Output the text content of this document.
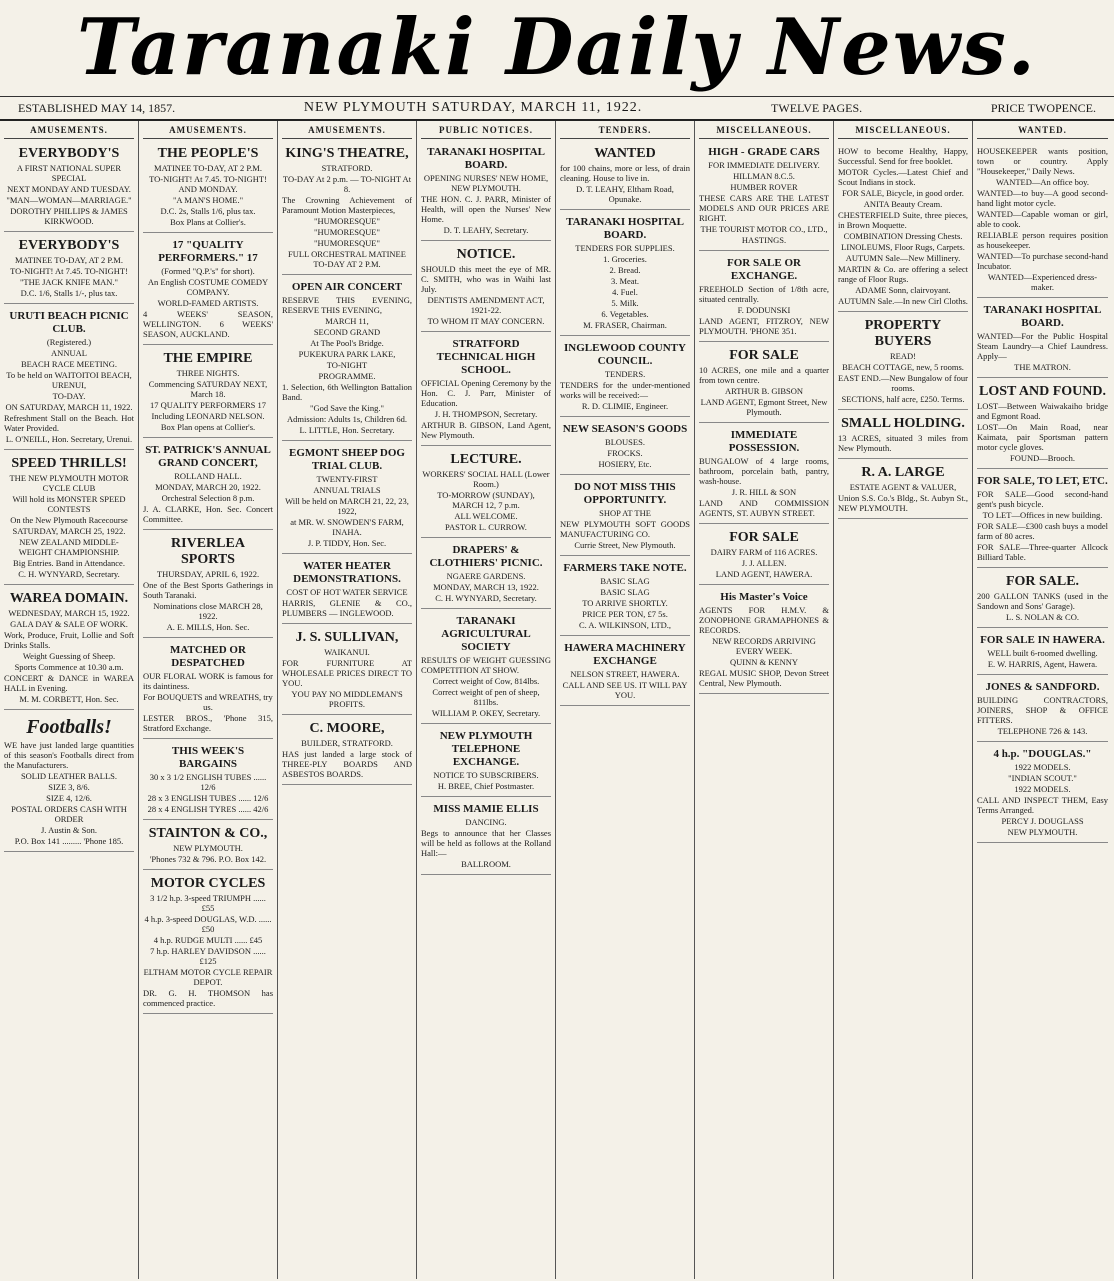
Taranaki Daily News.
ESTABLISHED MAY 14, 1857.	NEW PLYMOUTH SATURDAY, MARCH 11, 1922.	TWELVE PAGES.	PRICE TWOPENCE.
AMUSEMENTS.
EVERYBODY'S
A FIRST NATIONAL SUPER SPECIAL
NEXT MONDAY AND TUESDAY.
"MAN—WOMAN—MARRIAGE."
DOROTHY PHILLIPS & JAMES KIRKWOOD.
EVERYBODY'S
MATINEE TO-DAY, AT 2 P.M.
TO-NIGHT! At 7.45. TO-NIGHT!
"THE JACK KNIFE MAN."
D.C. 1/6, Stalls 1/-, plus tax.
URUTI BEACH PICNIC CLUB.
(Registered.)
ANNUAL
BEACH RACE MEETING.
To be held on WAITOITOI BEACH, URENUI,
TO-DAY.
ON SATURDAY, MARCH 11, 1922.
Refreshment Stall on the Beach. Hot Water Provided.
L. O'NEILL, Hon. Secretary, Urenui.
SPEED THRILLS!
THE NEW PLYMOUTH MOTOR CYCLE CLUB
Will hold its MONSTER SPEED CONTESTS
On the New Plymouth Racecourse
SATURDAY, MARCH 25, 1922.
NEW ZEALAND MIDDLE-WEIGHT CHAMPIONSHIP.
Big Entries. Band in Attendance.
C. H. WYNYARD, Secretary.
WAREA DOMAIN.
WEDNESDAY, MARCH 15, 1922.
GALA DAY & SALE OF WORK.
Work, Produce, Fruit, Lollie and Soft Drinks Stalls.
Weight Guessing of Sheep.
Sports Commence at 10.30 a.m.
CONCERT & DANCE in WAREA HALL in Evening.
M. M. CORBETT, Hon. Sec.
Footballs!
WE have just landed large quantities of this season's Footballs direct from the Manufacturers.
SOLID LEATHER BALLS.
SIZE 3, 8/6.
SIZE 4, 12/6.
POSTAL ORDERS CASH WITH ORDER
J. Austin & Son.
P.O. Box 141 ......... 'Phone 185.
AMUSEMENTS.
THE PEOPLE'S
MATINEE TO-DAY, AT 2 P.M.
TO-NIGHT! At 7.45. TO-NIGHT! AND MONDAY.
"A MAN'S HOME."
D.C. 2s, Stalls 1/6, plus tax.
Box Plans at Collier's.
17 "QUALITY PERFORMERS." 17
(Formed "Q.P.'s" for short).
An English COSTUME COMEDY COMPANY.
WORLD-FAMED ARTISTS.
4 WEEKS' SEASON, WELLINGTON. 6 WEEKS' SEASON, AUCKLAND.
THE EMPIRE
THREE NIGHTS.
Commencing SATURDAY NEXT, March 18.
17 QUALITY PERFORMERS 17
Including LEONARD NELSON.
Box Plan opens at Collier's.
ST. PATRICK'S ANNUAL GRAND CONCERT,
ROLLAND HALL.
MONDAY, MARCH 20, 1922.
Orchestral Selection 8 p.m.
J. A. CLARKE, Hon. Sec. Concert Committee.
RIVERLEA SPORTS
THURSDAY, APRIL 6, 1922.
One of the Best Sports Gatherings in South Taranaki.
Nominations close MARCH 28, 1922.
A. E. MILLS, Hon. Sec.
MATCHED OR DESPATCHED
OUR FLORAL WORK is famous for its daintiness.
For BOUQUETS and WREATHS, try us.
LESTER BROS., 'Phone 315, Stratford Exchange.
THIS WEEK'S BARGAINS
30 x 3 1/2 ENGLISH TUBES ...... 12/6
28 x 3 ENGLISH TUBES ...... 12/6
28 x 4 ENGLISH TYRES ...... 42/6
STAINTON & CO.,
NEW PLYMOUTH.
'Phones 732 & 796. P.O. Box 142.
MOTOR CYCLES
3 1/2 h.p. 3-speed TRIUMPH ...... £55
4 h.p. 3-speed DOUGLAS, W.D. ...... £50
4 h.p. RUDGE MULTI ...... £45
7 h.p. HARLEY DAVIDSON ...... £125
ELTHAM MOTOR CYCLE REPAIR DEPOT.
DR. G. H. THOMSON has commenced practice.
AMUSEMENTS.
KING'S THEATRE,
STRATFORD.
TO-DAY At 2 p.m. — TO-NIGHT At 8.
The Crowning Achievement of Paramount Motion Masterpieces,
"HUMORESQUE"
"HUMORESQUE"
"HUMORESQUE"
FULL ORCHESTRAL MATINEE TO-DAY AT 2 P.M.
OPEN AIR CONCERT
RESERVE THIS EVENING, RESERVE THIS EVENING,
MARCH 11,
SECOND GRAND
At The Pool's Bridge.
PUKEKURA PARK LAKE,
TO-NIGHT
PROGRAMME.
1. Selection, 6th Wellington Battalion Band.
"God Save the King."
Admission: Adults 1s, Children 6d.
L. LITTLE, Hon. Secretary.
EGMONT SHEEP DOG TRIAL CLUB.
TWENTY-FIRST
ANNUAL TRIALS
Will be held on MARCH 21, 22, 23, 1922,
at MR. W. SNOWDEN'S FARM, INAHA.
J. P. TIDDY, Hon. Sec.
WATER HEATER DEMONSTRATIONS.
COST OF HOT WATER SERVICE
HARRIS, GLENIE & CO., PLUMBERS — INGLEWOOD.
J. S. SULLIVAN,
WAIKANUI.
FOR FURNITURE AT WHOLESALE PRICES DIRECT TO YOU.
YOU PAY NO MIDDLEMAN'S PROFITS.
C. MOORE,
BUILDER, STRATFORD.
HAS just landed a large stock of THREE-PLY BOARDS AND ASBESTOS BOARDS.
PUBLIC NOTICES.
TARANAKI HOSPITAL BOARD.
OPENING NURSES' NEW HOME, NEW PLYMOUTH.
THE HON. C. J. PARR, Minister of Health, will open the Nurses' New Home.
D. T. LEAHY, Secretary.
NOTICE.
SHOULD this meet the eye of MR. C. SMITH, who was in Waihi last July.
DENTISTS AMENDMENT ACT, 1921-22.
TO WHOM IT MAY CONCERN.
STRATFORD TECHNICAL HIGH SCHOOL.
OFFICIAL Opening Ceremony by the Hon. C. J. Parr, Minister of Education.
J. H. THOMPSON, Secretary.
ARTHUR B. GIBSON, Land Agent, New Plymouth.
LECTURE.
WORKERS' SOCIAL HALL (Lower Room.)
TO-MORROW (SUNDAY), MARCH 12, 7 p.m.
ALL WELCOME.
PASTOR L. CURROW.
DRAPERS' & CLOTHIERS' PICNIC.
NGAERE GARDENS.
MONDAY, MARCH 13, 1922.
C. H. WYNYARD, Secretary.
TARANAKI AGRICULTURAL SOCIETY
RESULTS OF WEIGHT GUESSING COMPETITION AT SHOW.
Correct weight of Cow, 814lbs.
Correct weight of pen of sheep, 811lbs.
WILLIAM P. OKEY, Secretary.
NEW PLYMOUTH TELEPHONE EXCHANGE.
NOTICE TO SUBSCRIBERS.
H. BREE, Chief Postmaster.
MISS MAMIE ELLIS
DANCING.
Begs to announce that her Classes will be held as follows at the Rolland Hall:—
BALLROOM.
TENDERS.
WANTED
for 100 chains, more or less, of drain cleaning. House to live in.
D. T. LEAHY, Eltham Road, Opunake.
TARANAKI HOSPITAL BOARD.
TENDERS FOR SUPPLIES.
1. Groceries.
2. Bread.
3. Meat.
4. Fuel.
5. Milk.
6. Vegetables.
M. FRASER, Chairman.
INGLEWOOD COUNTY COUNCIL.
TENDERS.
TENDERS for the under-mentioned works will be received:—
R. D. CLIMIE, Engineer.
NEW SEASON'S GOODS
BLOUSES.
FROCKS.
HOSIERY, Etc.
DO NOT MISS THIS OPPORTUNITY.
SHOP AT THE
NEW PLYMOUTH SOFT GOODS MANUFACTURING CO.
Currie Street, New Plymouth.
FARMERS TAKE NOTE.
BASIC SLAG
BASIC SLAG
TO ARRIVE SHORTLY.
PRICE PER TON, £7 5s.
C. A. WILKINSON, LTD.,
HAWERA MACHINERY EXCHANGE
NELSON STREET, HAWERA.
CALL AND SEE US. IT WILL PAY YOU.
MISCELLANEOUS.
HIGH - GRADE CARS
FOR IMMEDIATE DELIVERY.
HILLMAN 8.C.5.
HUMBER ROVER
THESE CARS ARE THE LATEST MODELS AND OUR PRICES ARE RIGHT.
THE TOURIST MOTOR CO., LTD.,
HASTINGS.
FOR SALE OR EXCHANGE.
FREEHOLD Section of 1/8th acre, situated centrally.
F. DODUNSKI
LAND AGENT, FITZROY, NEW PLYMOUTH. 'PHONE 351.
FOR SALE
10 ACRES, one mile and a quarter from town centre.
ARTHUR B. GIBSON
LAND AGENT, Egmont Street, New Plymouth.
IMMEDIATE POSSESSION.
BUNGALOW of 4 large rooms, bathroom, porcelain bath, pantry, wash-house.
J. R. HILL & SON
LAND AND COMMISSION AGENTS, ST. AUBYN STREET.
FOR SALE
DAIRY FARM of 116 ACRES.
J. J. ALLEN.
LAND AGENT, HAWERA.
His Master's Voice
AGENTS FOR H.M.V. & ZONOPHONE GRAMAPHONES & RECORDS.
NEW RECORDS ARRIVING EVERY WEEK.
QUINN & KENNY
REGAL MUSIC SHOP, Devon Street Central, New Plymouth.
MISCELLANEOUS.
HOW to become Healthy, Happy, Successful. Send for free booklet.
MOTOR Cycles.—Latest Chief and Scout Indians in stock.
FOR SALE, Bicycle, in good order.
ANITA Beauty Cream.
CHESTERFIELD Suite, three pieces, in Brown Moquette.
COMBINATION Dressing Chests.
LINOLEUMS, Floor Rugs, Carpets.
AUTUMN Sale—New Millinery.
MARTIN & Co. are offering a select range of Floor Rugs.
ADAME Sonn, clairvoyant.
AUTUMN Sale.—In new Cirl Cloths.
PROPERTY BUYERS
READ!
BEACH COTTAGE, new, 5 rooms.
EAST END.—New Bungalow of four rooms.
SECTIONS, half acre, £250. Terms.
SMALL HOLDING.
13 ACRES, situated 3 miles from New Plymouth.
R. A. LARGE
ESTATE AGENT & VALUER,
Union S.S. Co.'s Bldg., St. Aubyn St., NEW PLYMOUTH.
WANTED.
HOUSEKEEPER wants position, town or country. Apply "Housekeeper," Daily News.
WANTED—An office boy.
WANTED—to buy—A good second-hand light motor cycle.
WANTED—Capable woman or girl, able to cook.
RELIABLE person requires position as housekeeper.
WANTED—To purchase second-hand Incubator.
WANTED—Experienced dress-maker.
TARANAKI HOSPITAL BOARD.
WANTED—For the Public Hospital Steam Laundry—a Chief Laundress. Apply—
THE MATRON.
LOST AND FOUND.
LOST—Between Waiwakaiho bridge and Egmont Road.
LOST—On Main Road, near Kaimata, pair Sportsman pattern motor cycle gloves.
FOUND—Brooch.
FOR SALE, TO LET, ETC.
FOR SALE—Good second-hand gent's push bicycle.
TO LET—Offices in new building.
FOR SALE—£300 cash buys a model farm of 80 acres.
FOR SALE—Three-quarter Allcock Billiard Table.
FOR SALE.
200 GALLON TANKS (used in the Sandown and Sons' Garage).
L. S. NOLAN & CO.
FOR SALE IN HAWERA.
WELL built 6-roomed dwelling.
E. W. HARRIS, Agent, Hawera.
JONES & SANDFORD.
BUILDING CONTRACTORS, JOINERS, SHOP & OFFICE FITTERS.
TELEPHONE 726 & 143.
4 h.p. "DOUGLAS."
1922 MODELS.
"INDIAN SCOUT."
1922 MODELS.
CALL AND INSPECT THEM, Easy Terms Arranged.
PERCY J. DOUGLASS
NEW PLYMOUTH.
